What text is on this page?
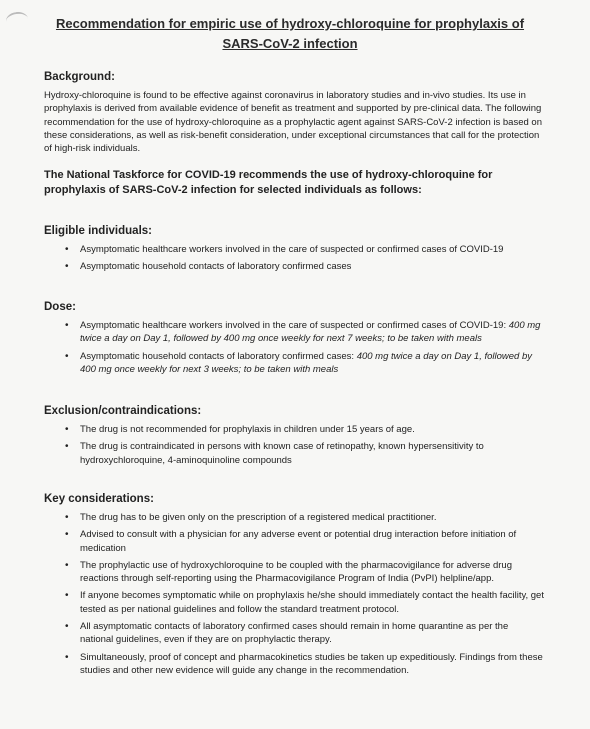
Recommendation for empiric use of hydroxy-chloroquine for prophylaxis of
SARS-CoV-2 infection

Background:

Hydroxy-chloroquine is found to be effective against coronavirus in laboratory studies and in-vivo studies. Its use in prophylaxis is derived from available evidence of benefit as treatment and supported by pre-clinical data. The following recommendation for the use of hydroxy-chloroquine as a prophylactic agent against SARS-CoV-2 infection is based on these considerations, as well as risk-benefit consideration, under exceptional circumstances that call for the protection of high-risk individuals.

The National Taskforce for COVID-19 recommends the use of hydroxy-chloroquine for prophylaxis of SARS-CoV-2 infection for selected individuals as follows:

Eligible individuals:

• Asymptomatic healthcare workers involved in the care of suspected or confirmed cases of COVID-19
• Asymptomatic household contacts of laboratory confirmed cases

Dose:

• Asymptomatic healthcare workers involved in the care of suspected or confirmed cases of COVID-19: 400 mg twice a day on Day 1, followed by 400 mg once weekly for next 7 weeks; to be taken with meals
• Asymptomatic household contacts of laboratory confirmed cases: 400 mg twice a day on Day 1, followed by 400 mg once weekly for next 3 weeks; to be taken with meals

Exclusion/contraindications:

• The drug is not recommended for prophylaxis in children under 15 years of age.
• The drug is contraindicated in persons with known case of retinopathy, known hypersensitivity to hydroxychloroquine, 4-aminoquinoline compounds

Key considerations:

• The drug has to be given only on the prescription of a registered medical practitioner.
• Advised to consult with a physician for any adverse event or potential drug interaction before initiation of medication
• The prophylactic use of hydroxychloroquine to be coupled with the pharmacovigilance for adverse drug reactions through self-reporting using the Pharmacovigilance Program of India (PvPI) helpline/app.
• If anyone becomes symptomatic while on prophylaxis he/she should immediately contact the health facility, get tested as per national guidelines and follow the standard treatment protocol.
• All asymptomatic contacts of laboratory confirmed cases should remain in home quarantine as per the national guidelines, even if they are on prophylactic therapy.
• Simultaneously, proof of concept and pharmacokinetics studies be taken up expeditiously. Findings from these studies and other new evidence will guide any change in the recommendation.
